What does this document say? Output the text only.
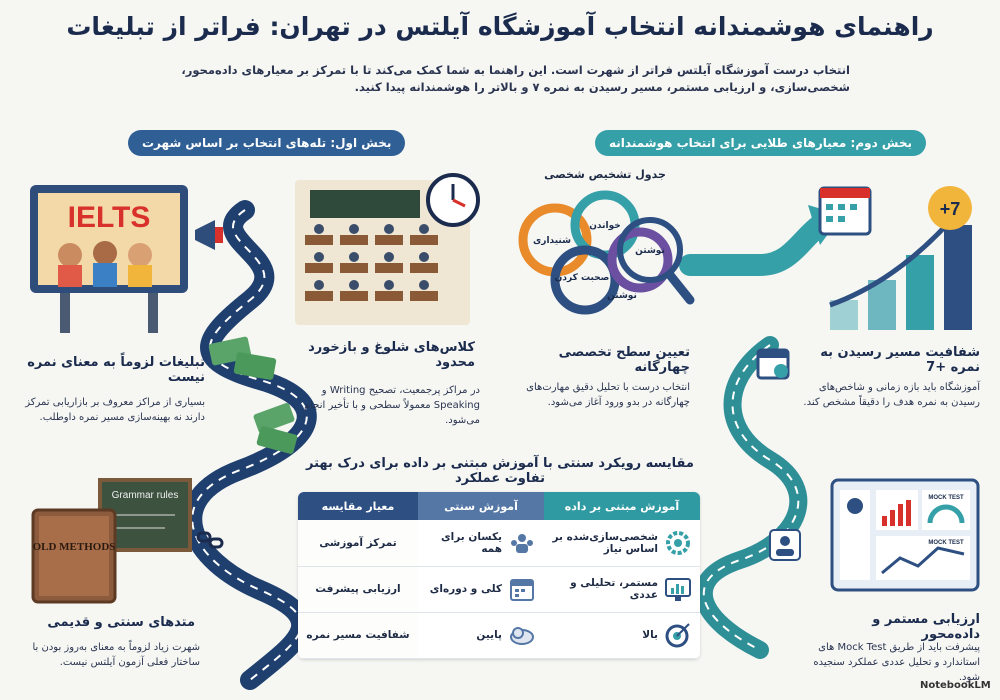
راهنمای هوشمندانه انتخاب آموزشگاه آیلتس در تهران: فراتر از تبلیغات
انتخاب درست آموزشگاه آیلتس فراتر از شهرت است. این راهنما به شما کمک می‌کند تا با تمرکز بر معیارهای داده‌محور، شخصی‌سازی، و ارزیابی مستمر، مسیر رسیدن به نمره ۷ و بالاتر را هوشمندانه پیدا کنید.
بخش دوم: معیارهای طلایی برای انتخاب هوشمندانه
بخش اول: تله‌های انتخاب بر اساس شهرت
IELTS
تبلیغات لزوماً به معنای نمره نیست
بسیاری از مراکز معروف بر بازاریابی تمرکز دارند نه بهینه‌سازی مسیر نمره داوطلب.
کلاس‌های شلوغ و بازخورد محدود
در مراکز پرجمعیت، تصحیح Writing و Speaking معمولاً سطحی و با تأخیر انجام می‌شود.
Grammar rules
OLD METHODS
متدهای سنتی و قدیمی
شهرت زیاد لزوماً به معنای به‌روز بودن با ساختار فعلی آزمون آیلتس نیست.
خواندن
شنیداری
نوشتن
صحبت کردن
نوشتن
جدول تشخیص شخصی
تعیین سطح تخصصی چهارگانه
انتخاب درست با تحلیل دقیق مهارت‌های چهارگانه در بدو ورود آغاز می‌شود.
7+
شفافیت مسیر رسیدن به نمره +7
آموزشگاه باید بازه زمانی و شاخص‌های رسیدن به نمره هدف را دقیقاً مشخص کند.
MOCK TEST
MOCK TEST
ارزیابی مستمر و داده‌محور
پیشرفت باید از طریق Mock Test های استاندارد و تحلیل عددی عملکرد سنجیده شود.
مقایسه رویکرد سنتی با آموزش مبتنی بر داده برای درک بهتر تفاوت عملکرد
آموزش مبتنی بر داده	آموزش سنتی	معیار مقایسه

شخصی‌سازی‌شده بر اساس نیاز	یکسان برای همه	تمرکز آموزشی

مستمر، تحلیلی و عددی	کلی و دوره‌ای	ارزیابی پیشرفت

بالا	پایین	شفافیت مسیر نمره
NotebookLM
